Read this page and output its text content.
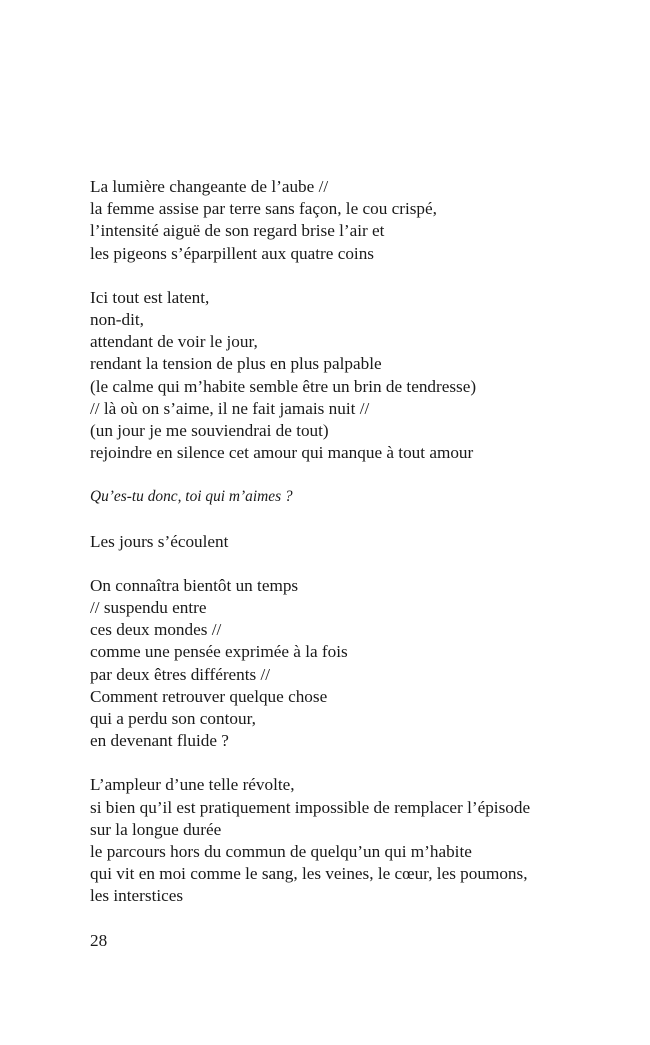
La lumière changeante de l’aube //
la femme assise par terre sans façon, le cou crispé,
l’intensité aiguë de son regard brise l’air et
les pigeons s’éparpillent aux quatre coins
Ici tout est latent,
non-dit,
attendant de voir le jour,
rendant la tension de plus en plus palpable
(le calme qui m’habite semble être un brin de tendresse)
// là où on s’aime, il ne fait jamais nuit //
(un jour je me souviendrai de tout)
rejoindre en silence cet amour qui manque à tout amour
Qu’es-tu donc, toi qui m’aimes ?
Les jours s’écoulent
On connaîtra bientôt un temps
// suspendu entre
ces deux mondes //
comme une pensée exprimée à la fois
par deux êtres différents //
Comment retrouver quelque chose
qui a perdu son contour,
en devenant fluide ?
L’ampleur d’une telle révolte,
si bien qu’il est pratiquement impossible de remplacer l’épisode
sur la longue durée
le parcours hors du commun de quelqu’un qui m’habite
qui vit en moi comme le sang, les veines, le cœur, les poumons,
les interstices
28
